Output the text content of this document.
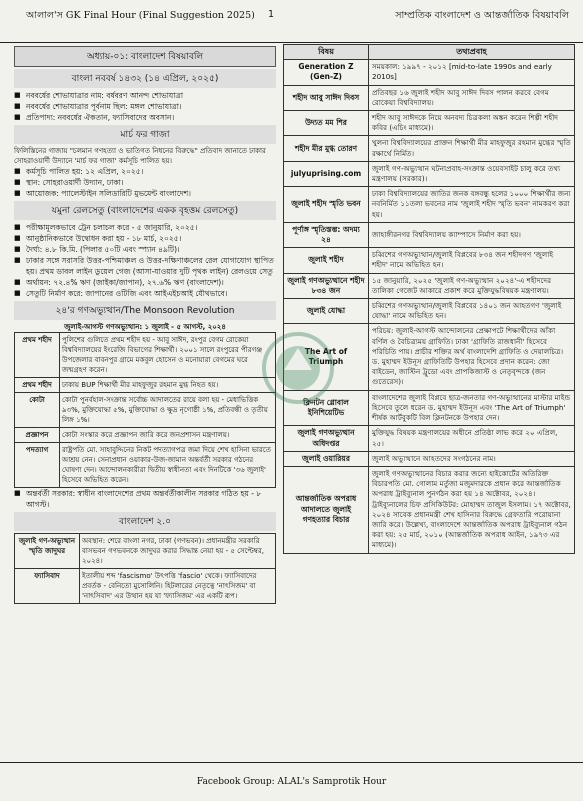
আলাল'স GK Final Hour (Final Suggestion 2025) 1	সাম্প্রতিক বাংলাদেশ ও আন্তর্জাতিক বিষয়াবলি
অধ্যায়-০১: বাংলাদেশ বিষয়াবলি
বাংলা নববর্ষ ১৪৩২ (১৪ এপ্রিল, ২০২৫)

■ নববর্ষের শোভাযাত্রার নাম: বর্ষবরণ আনন্দ শোভাযাত্রা

■ নববর্ষের শোভাযাত্রার পূর্বনাম ছিল: মঙ্গল শোভাযাত্রা।

■ প্রতিপাদ্য: নববর্ষের ঐকতান, ফ্যাসিবাদের অবসান।

মার্চ ফর গাজা
ফিলিস্তিনের গাজায় "চলমান গণহত্যা ও ভাতিগত নিধনের বিরুদ্ধে" প্রতিবাদ জানাতে ঢাকার সোহরাওয়ার্দী উদ্যানে 'মার্চ ফর গাজা' কর্মসূচি পালিত হয়।

■ কর্মসূচি পালিত হয়: ১২ এপ্রিল, ২০২৫।

■ স্থান: সোহরাওয়ার্দী উদ্যান, ঢাকা।

■ আয়োজক: প্যালেস্টাইন সলিডারিটি মুভমেন্ট বাংলাদেশ।

যমুনা রেলসেতু (বাংলাদেশের একক বৃহত্তম রেলসেতু)

■ পরীক্ষামূলকভাবে ট্রেন চলাচল করে - ৫ জানুয়ারি, ২০২৫।

■ আনুষ্ঠানিকভাবে উদ্বোধন করা হয় - ১৮ মার্চ, ২০২৫।

■ দৈর্ঘ্য: ৪.৮ কি.মি. (পিলার ৫০টি এবং স্প্যান ৪৯টি)।

■ ঢাকার সঙ্গে সরাসরি উত্তর-পশ্চিমাঞ্চল ও উত্তর-দক্ষিণাঞ্চলের রেল যোগাযোগ স্থাপিত হয়। প্রথম ডাবল লাইন ডুয়েল গেজ (আসা-যাওয়ার দুটি পৃথক লাইন) রেলওয়ে সেতু

■ অর্থায়ন: ৭২.৪% ঋণ (জাইকা/জাপান), ২৭.৬% ঋণ (বাংলাদেশ)।

■ সেতুটি নির্মাণ করে: জাপানের ওটিজি এবং আইএইচআই যৌথভাবে।

২৪'র গণঅভ্যুত্থান/The Monsoon Revolution
জুলাই-আগস্ট গণঅভ্যুত্থান: ১ জুলাই - ৫ আগস্ট, ২০২৪
প্রথম শহীদ	পুলিশের গুলিতে প্রথম শহীদ হয় - আবু সাঈদ, রংপুর বেগম রোকেয়া বিশ্ববিদ্যালয়ের ইংরেজি বিভাগের শিক্ষার্থী। ২০০১ সালে রংপুরের পীরগঞ্জ উপজেলার বাবনপুর গ্রামে মকবুল হোসেন ও মনোয়ারা বেগমের ঘরে জন্মগ্রহণ করেন।
প্রথম শহীদ	ঢাকায় BUP শিক্ষার্থী মীর মাহফুজুর রহমান মুগ্ধ নিহত হয়।
কোটা	কোটা পুনর্বহাল-সংক্রান্ত সর্বোচ্চ আদালতের রায়ে বলা হয় - মেধাভিত্তিক ৯৩%, মুক্তিযোদ্ধা ৫%, মুক্তিযোদ্ধা ও ক্ষুদ্র নৃগোষ্ঠী ১%, প্রতিবন্ধী ও তৃতীয় লিঙ্গ ১%।
প্রজ্ঞাপন	কোটা সংস্কার করে প্রজ্ঞাপন জারি করে জনপ্রশাসন মন্ত্রণালয়।
পদত্যাগ	রাষ্ট্রপতি মো. সাহাবুদ্দিনের নিকট পদত্যাগপত্র জমা দিয়ে শেখ হাসিনা ভারতে আশ্রয় নেন। সেনাপ্রধান ওয়াকার-উজ-জামান অন্তর্বর্তী সরকার গঠনের ঘোষণা দেন। আন্দোলনকারীরা দ্বিতীয় স্বাধীনতা এবং দিনটিকে '৩৬ জুলাই' হিসেবে অভিহিত করেন।

■ অন্তর্বর্তী সরকার: স্বাধীন বাংলাদেশের প্রথম অন্তর্বর্তীকালীন সরকার গঠিত হয় - ৮ আগস্ট।

বাংলাদেশ ২.০
জুলাই গণ-অভ্যুত্থান স্মৃতি জাদুঘর
অবস্থান: শেরে বাংলা নগর, ঢাকা (গণভবন)। প্রধানমন্ত্রীর সরকারি বাসভবন গণভবনকে জাদুঘর করার সিদ্ধান্ত নেয়া হয় - ৫ সেপ্টেম্বর, ২০২৪।
ফ্যাসিবাদ	ইতালীয় শব্দ 'fascismo' উৎপত্তি 'fascio' থেকে। ফ্যাসিবাদের প্রবর্তক - বেনিতো মুসোলিনি। হিটলারের নেতৃত্বে 'নাৎসিজম' বা 'নাৎসিবাদ' এর উত্থান হয় যা 'ফ্যাসিজম' এর একটি রূপ।
বিষয়	তথ্যপ্রবাহ
Generation Z (Gen-Z)	সময়কাল: ১৯৯৭ - ২০১২ [mid-to-late 1990s and early 2010s]
শহীদ আবু সাঈদ দিবস	প্রতিবছর ১৬ জুলাই শহীদ আবু সাঈদ দিবস পালন করবে বেগম রোকেয়া বিশ্ববিদ্যালয়।
উদ্যত মম শির	শহীদ আবু সাঈদকে নিয়ে অনবদ্য চিত্রকলা অঙ্কন করেন শিল্পী শহীদ কবির (এচিং মাধ্যমে)।
শহীদ মীর মুগ্ধ তোরণ	খুলনা বিশ্ববিদ্যালয়ের প্রাক্তন শিক্ষার্থী মীর মাহফুজুর রহমান মুগ্ধের স্মৃতি রক্ষার্থে নির্মিত।
julyuprising.com	জুলাই গণ-অভ্যুত্থান ঘটনাপ্রবাহ-সংক্রান্ত ওয়েবসাইট চালু করে তথ্য মন্ত্রণালয় (সরকার)।
জুলাই শহীদ স্মৃতি ভবন	ঢাকা বিশ্ববিদ্যালয়ের জাতির জনক বঙ্গবন্ধু হলের ১০০০ শিক্ষার্থীর জন্য নবনির্মিত ১১তলা ভবনের নাম 'জুলাই শহীদ স্মৃতি ভবন' নামকরণ করা হয়।
পূর্ণাঙ্গ স্মৃতিস্তম্ভ: অদম্য ২৪	জাহাঙ্গীরনগর বিশ্ববিদ্যালয় ক্যাম্পাসে নির্মাণ করা হয়।
জুলাই শহীদ	চব্বিশের গণঅভ্যুত্থান/জুলাই বিপ্লবের ৮৩৪ জন শহীদগণ 'জুলাই শহীদ' নামে অভিহিত হন।
জুলাই গণঅভ্যুত্থানে শহীদ ৮৩৪ জন	১৫ জানুয়ারি, ২০২৫ 'জুলাই গণ-অভ্যুত্থান ২০২৪'-এ শহীদদের তালিকা গেজেট আকারে প্রকাশ করে মুক্তিযুদ্ধবিষয়ক মন্ত্রণালয়।
জুলাই যোদ্ধা	চব্বিশের গণঅভ্যুত্থান/জুলাই বিপ্লবের ১৪০১ জন আহতগণ 'জুলাই যোদ্ধা' নামে অভিহিত হন।
The Art of Triumph	পরিচয়: জুলাই-আগস্ট আন্দোলনের প্রেক্ষাপটে শিক্ষার্থীদের আঁকা বর্ণিল ও বৈচিত্র্যময় গ্রাফিতি। ঢাকা 'গ্রাফিতি রাজধানী' হিসেবে পরিচিতি পায়। প্রাচীর শক্তির অর্থ বাংলাদেশি গ্রাফিতি ও দেয়ালচিত্র। ড. মুহাম্মদ ইউনূস গ্রাফিতিটি উপহার হিসেবে প্রদান করেন: জো বাইডেন, জাস্টিন ট্রুডো এবং প্রাপকিজাস্ট ও নেতৃবৃন্দকে (জন গুতেরেস)।
ক্লিনটন গ্লোবাল ইনিশিয়েটিভ	বাংলাদেশের জুলাই বিপ্লবে ছাত্র-জনতার গণ-অভ্যুত্থানের মাস্টার মাইন্ড হিসেবে তুলে ধরেন ড. মুহাম্মদ ইউনূস এবং 'The Art of Triumph' শীর্ষক আর্টবুকটি বিল ক্লিনটনকে উপহার দেন।
জুলাই গণঅভ্যুত্থান অধিদপ্তর	মুক্তিযুদ্ধ বিষয়ক মন্ত্রণালয়ের অধীনে প্রতিষ্ঠা লাভ করে ২০ এপ্রিল, ২৫।
জুলাই ওয়ারিয়র	জুলাই অভ্যুত্থানে আহতদের সংগঠনের নাম।
আন্তর্জাতিক অপরাধ আদালতে জুলাই গণহত্যার বিচার	জুলাই গণঅভ্যুত্থানের বিচার করার জন্যে হাইকোর্টের অতিরিক্ত বিচারপতি মো. গোলাম মর্তুজা মজুমদারকে প্রধান করে আন্তর্জাতিক অপরাধ ট্রাইব্যুনাল পুনর্গঠন করা হয় ১৪ অক্টোবর, ২০২৪। ট্রাইব্যুনালের চিফ প্রসিকিউটর: মোহাম্মদ তাজুল ইসলাম। ১৭ অক্টোবর, ২০২৪ সাবেক প্রধানমন্ত্রী শেখ হাসিনার বিরুদ্ধে গ্রেফতারি পরোয়ানা জারি করে। উল্লেখ্য, বাংলাদেশে আন্তর্জাতিক অপরাধ ট্রাইব্যুনাল গঠন করা হয়: ২৫ মার্চ, ২০১০ (আন্তর্জাতিক অপরাধ আইন, ১৯৭৩ এর মাধ্যমে)।
$_{Facebook Group: ALAL's Samprotik Hour}$
